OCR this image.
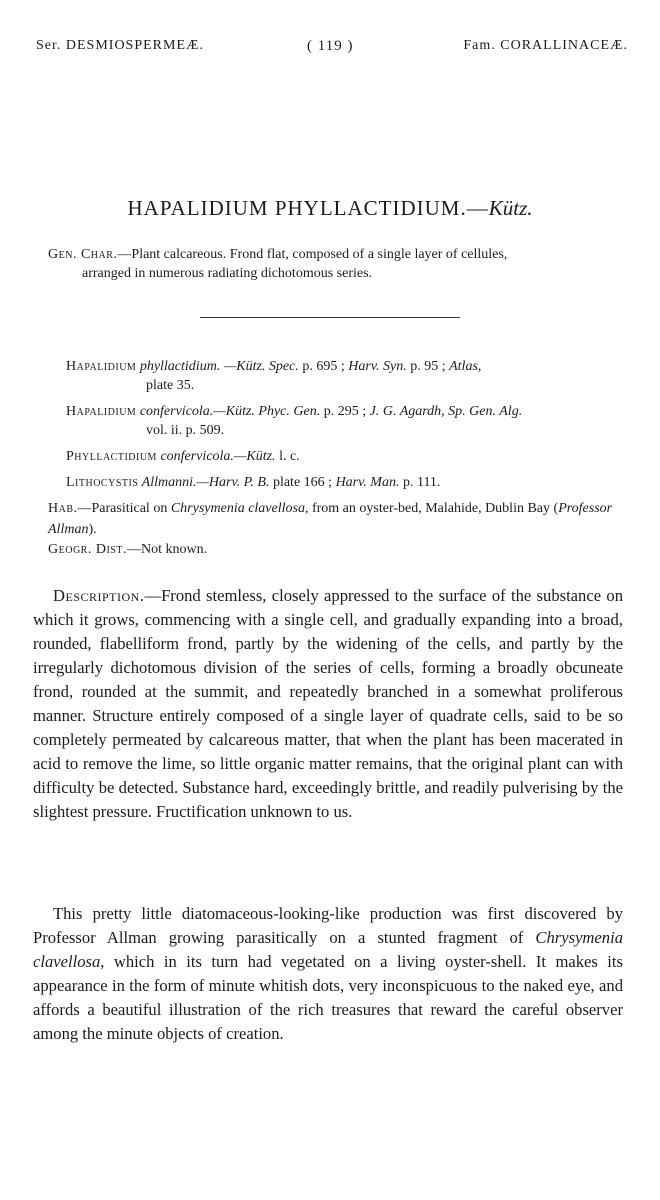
Ser. DESMIOSPERMEÆ.	( 119 )	Fam. CORALLINACEÆ.
HAPALIDIUM PHYLLACTIDIUM.—Kütz.
Gen. Char.—Plant calcareous. Frond flat, composed of a single layer of cellules,
arranged in numerous radiating dichotomous series.
Hapalidium phyllactidium. —Kütz. Spec. p. 695 ; Harv. Syn. p. 95 ; Atlas,
plate 35.
Hapalidium confervicola.—Kütz. Phyc. Gen. p. 295 ; J. G. Agardh, Sp. Gen. Alg.
vol. ii. p. 509.
Phyllactidium confervicola.—Kütz. l. c.
Lithocystis Allmanni.—Harv. P. B. plate 166 ; Harv. Man. p. 111.
Hab.—Parasitical on Chrysymenia clavellosa, from an oyster-bed, Malahide, Dublin Bay (Professor Allman).
Geogr. Dist.—Not known.
Description.—Frond stemless, closely appressed to the surface of the substance on which it grows, commencing with a single cell, and gradually expanding into a broad, rounded, flabelliform frond, partly by the widening of the cells, and partly by the irregularly dichotomous division of the series of cells, forming a broadly obcuneate frond, rounded at the summit, and repeatedly branched in a somewhat proliferous manner. Structure entirely composed of a single layer of quadrate cells, said to be so completely permeated by calcareous matter, that when the plant has been macerated in acid to remove the lime, so little organic matter remains, that the original plant can with difficulty be detected. Substance hard, exceedingly brittle, and readily pulverising by the slightest pressure. Fructification unknown to us.
This pretty little diatomaceous-looking-like production was first discovered by Professor Allman growing parasitically on a stunted fragment of Chrysymenia clavellosa, which in its turn had vegetated on a living oyster-shell. It makes its appearance in the form of minute whitish dots, very inconspicuous to the naked eye, and affords a beautiful illustration of the rich treasures that reward the careful observer among the minute objects of creation.
